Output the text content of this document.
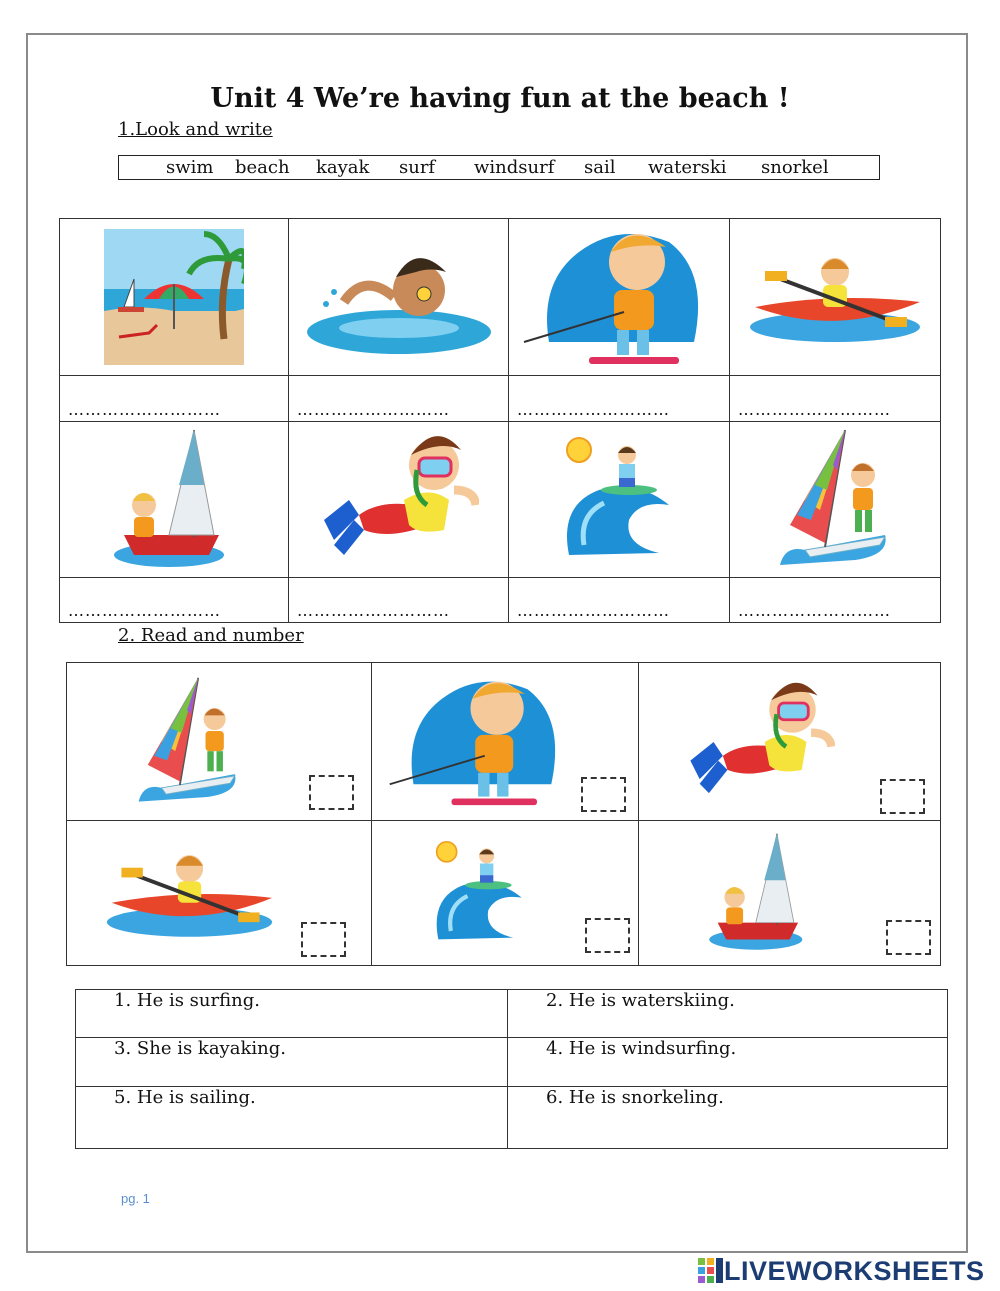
Unit 4 We’re having fun at the beach !
1.Look and write
swim beach kayak surf windsurf sail waterski snorkel

………………………	………………………	………………………	………………………

………………………	………………………	………………………	………………………
2. Read and number

1. He is surfing.	2. He is waterskiing.

3. She is kayaking.	4. He is windsurfing.

5. He is sailing.	6. He is snorkeling.
pg. 1
LIVEWORKSHEETS
